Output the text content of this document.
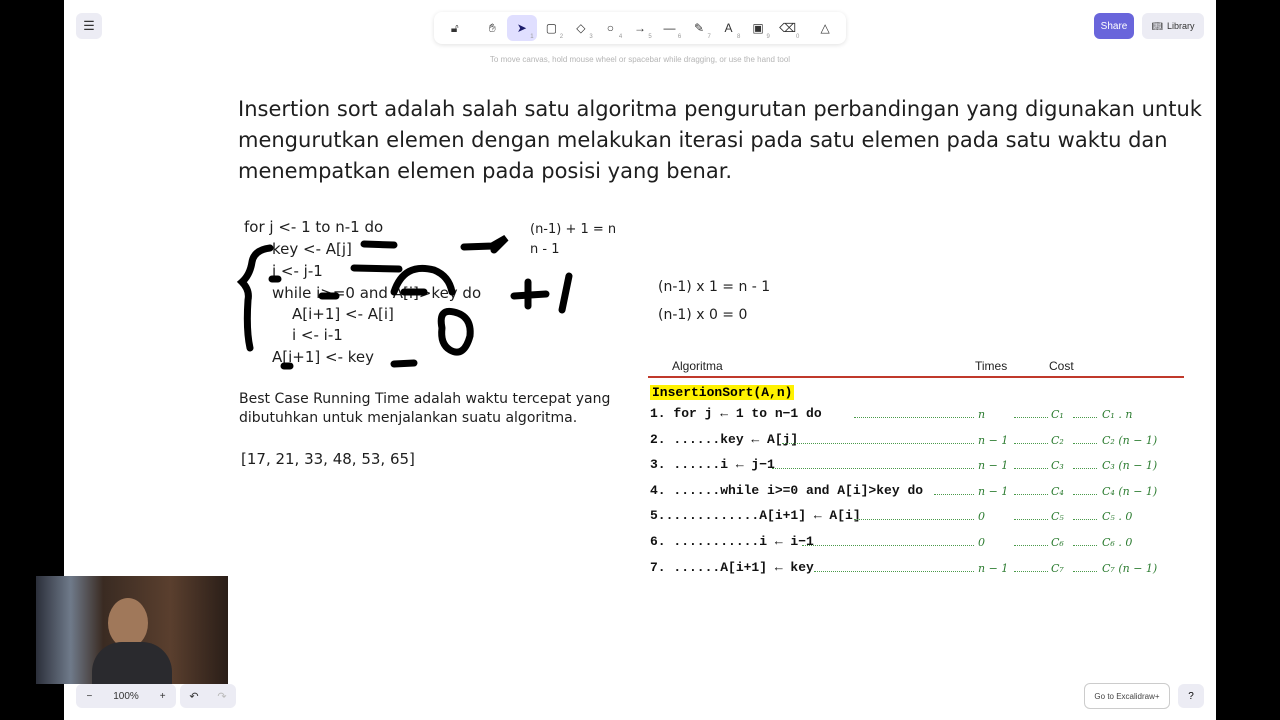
☰	🔓︎	✋︎ ➤
$_1$
▢
$_2$
◇
$_3$
○
$_4$
→
$_5$
—
$_6$
✎
$_7$
A
$_8$
▣
$_9$
⌫
$_0$
△
To move canvas, hold mouse wheel or spacebar while dragging, or use the hand tool
Share	📖︎ Library
Insertion sort adalah salah satu algoritma pengurutan perbandingan yang digunakan untuk mengurutkan elemen dengan melakukan iterasi pada satu elemen pada satu waktu dan menempatkan elemen pada posisi yang benar.
for j <- 1 to n-1 do
key <- A[j]
i <- j-1
while i>=0 and A[i]>key do
A[i+1] <- A[i]
i <- i-1
A[i+1] <- key
(n-1) + 1 = n
n - 1
(n-1) x 1 = n - 1
(n-1) x 0 = 0
Best Case Running Time adalah waktu tercepat yang dibutuhkan untuk menjalankan suatu algoritma.
[17, 21, 33, 48, 53, 65]
Algoritma	Times	Cost
InsertionSort(A,n)
1. for j ← 1 to n−1 do	n	C₁	C₁ . n
2. ......key ← A[j]	n − 1	C₂	C₂ (n − 1)
3. ......i ← j−1	n − 1	C₃	C₃ (n − 1)
4. ......while i>=0 and A[i]>key do	n − 1	C₄	C₄ (n − 1)
5.............A[i+1] ← A[i]	0	C₅	C₅ . 0
6. ...........i ← i−1	0	C₆	C₆ . 0
7. ......A[i+1] ← key	n − 1	C₇	C₇ (n − 1)
− 100% + ↶ ↷	Go to Excalidraw+	?
